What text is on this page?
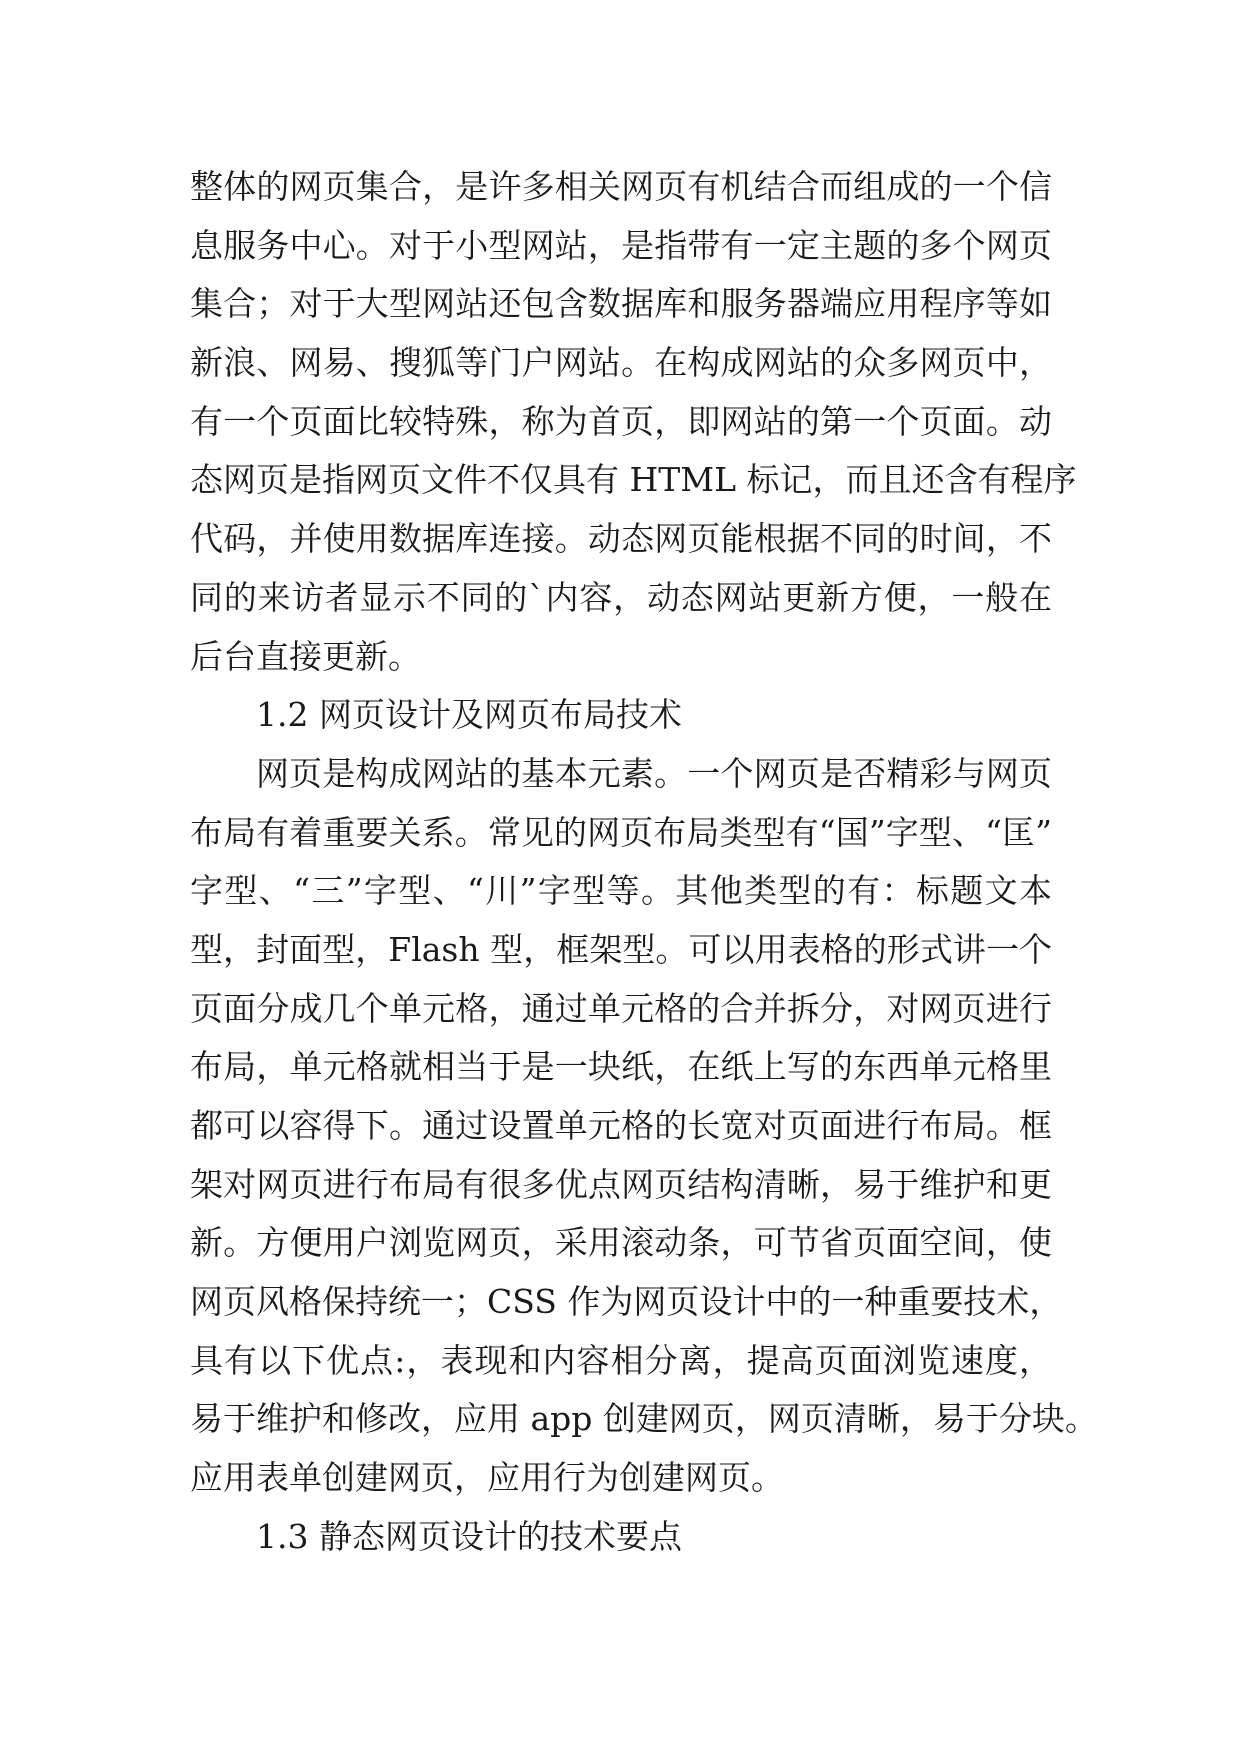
整体的网页集合，是许多相关网页有机结合而组成的一个信
息服务中心。对于小型网站，是指带有一定主题的多个网页
集合；对于大型网站还包含数据库和服务器端应用程序等如
新浪、网易、搜狐等门户网站。在构成网站的众多网页中，
有一个页面比较特殊，称为首页，即网站的第一个页面。动
态网页是指网页文件不仅具有 HTML 标记，而且还含有程序
代码，并使用数据库连接。动态网页能根据不同的时间，不
同的来访者显示不同的`内容，动态网站更新方便，一般在
后台直接更新。
1.2 网页设计及网页布局技术
网页是构成网站的基本元素。一个网页是否精彩与网页
布局有着重要关系。常见的网页布局类型有“国”字型、“匡”
字型、“三”字型、“川”字型等。其他类型的有：标题文本
型，封面型，Flash 型，框架型。可以用表格的形式讲一个
页面分成几个单元格，通过单元格的合并拆分，对网页进行
布局，单元格就相当于是一块纸，在纸上写的东西单元格里
都可以容得下。通过设置单元格的长宽对页面进行布局。框
架对网页进行布局有很多优点网页结构清晰，易于维护和更
新。方便用户浏览网页，采用滚动条，可节省页面空间，使
网页风格保持统一；CSS 作为网页设计中的一种重要技术，
具有以下优点:，表现和内容相分离，提高页面浏览速度，
易于维护和修改，应用 app 创建网页，网页清晰，易于分块。
应用表单创建网页，应用行为创建网页。
1.3 静态网页设计的技术要点
